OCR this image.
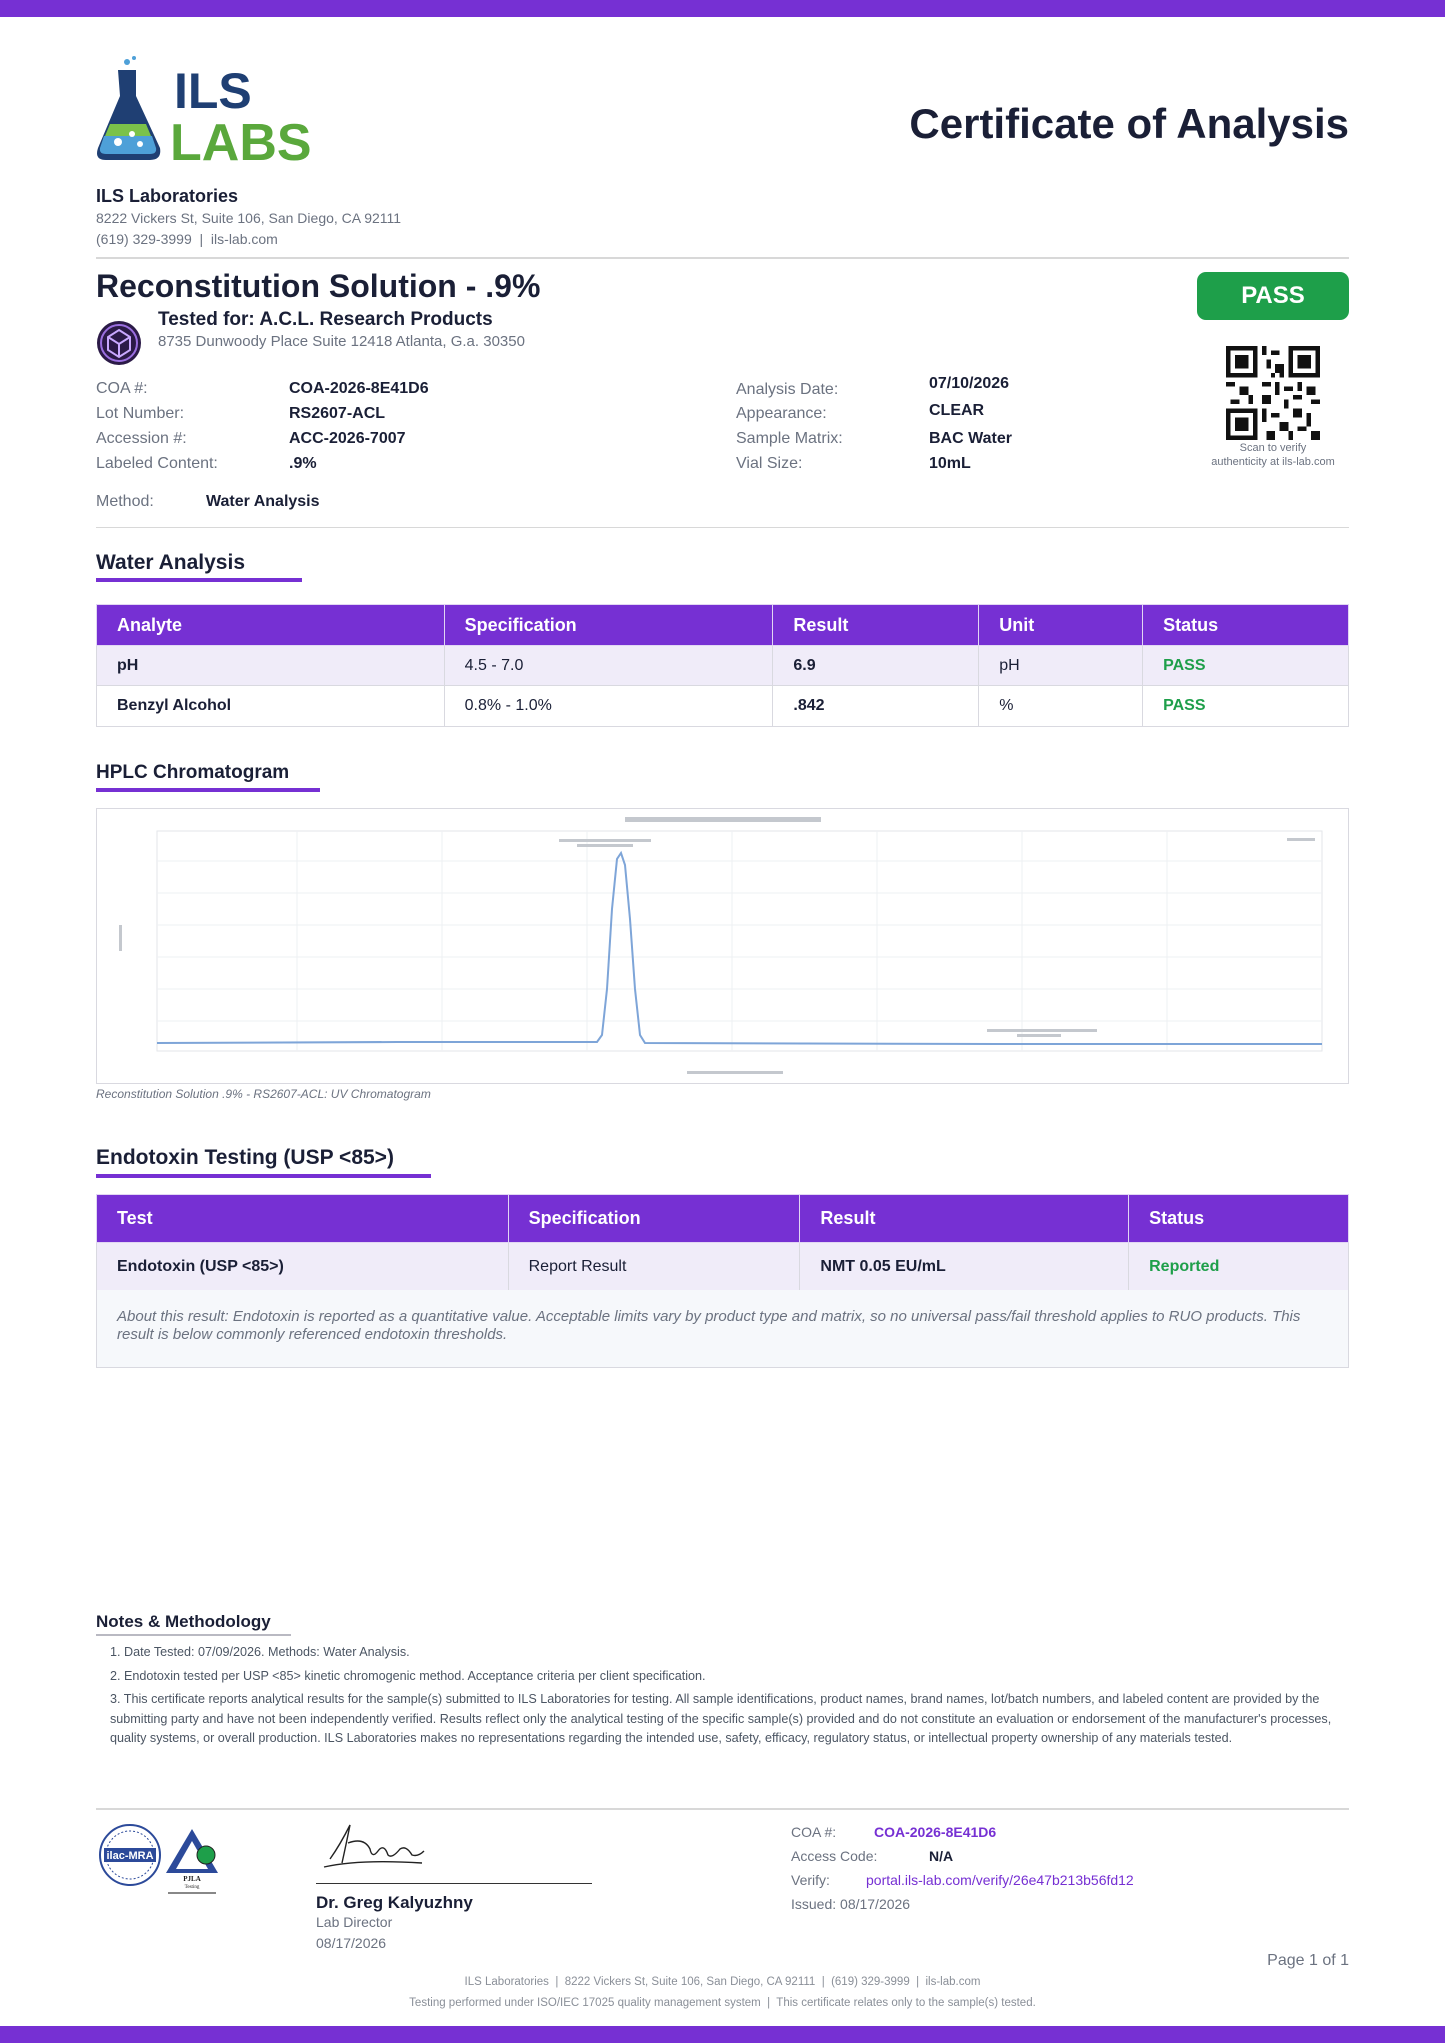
ILS
LABS	Certificate of Analysis
ILS Laboratories
8222 Vickers St, Suite 106, San Diego, CA 92111
(619) 329-3999  |  ils-lab.com
Reconstitution Solution - .9%
Tested for: A.C.L. Research Products
8735 Dunwoody Place Suite 12418 Atlanta, G.a. 30350
PASS
Scan to verify
authenticity at ils-lab.com
COA #:	COA-2026-8E41D6
Lot Number:	RS2607-ACL
Accession #:	ACC-2026-7007
Labeled Content:	.9%
Analysis Date:	07/10/2026
Appearance:	CLEAR
Sample Matrix:	BAC Water
Vial Size:	10mL
Method:	Water Analysis
Water Analysis
Analyte	Specification	Result	Unit	Status
pH	4.5 - 7.0	6.9	pH	PASS
Benzyl Alcohol	0.8% - 1.0%	.842	%	PASS
HPLC Chromatogram
Reconstitution Solution .9% - RS2607-ACL: UV Chromatogram
Endotoxin Testing (USP <85>)
Test	Specification	Result	Status
Endotoxin (USP <85>)	Report Result	NMT 0.05 EU/mL	Reported
About this result: Endotoxin is reported as a quantitative value. Acceptable limits vary by product type and matrix, so no universal pass/fail threshold applies to RUO products. This result is below commonly referenced endotoxin thresholds.
Notes & Methodology
1. Date Tested: 07/09/2026. Methods: Water Analysis.
2. Endotoxin tested per USP <85> kinetic chromogenic method. Acceptance criteria per client specification.
3. This certificate reports analytical results for the sample(s) submitted to ILS Laboratories for testing. All sample identifications, product names, brand names, lot/batch numbers, and labeled content are provided by the submitting party and have not been independently verified. Results reflect only the analytical testing of the specific sample(s) provided and do not constitute an evaluation or endorsement of the manufacturer's processes, quality systems, or overall production. ILS Laboratories makes no representations regarding the intended use, safety, efficacy, regulatory status, or intellectual property ownership of any materials tested.
ilac-MRA
PJLA
Testing
Dr. Greg Kalyuzhny
Lab Director
08/17/2026
COA #:	COA-2026-8E41D6
Access Code:	N/A
Verify:	portal.ils-lab.com/verify/26e47b213b56fd12
Issued: 08/17/2026
Page 1 of 1
ILS Laboratories  |  8222 Vickers St, Suite 106, San Diego, CA 92111  |  (619) 329-3999  |  ils-lab.com
Testing performed under ISO/IEC 17025 quality management system  |  This certificate relates only to the sample(s) tested.
